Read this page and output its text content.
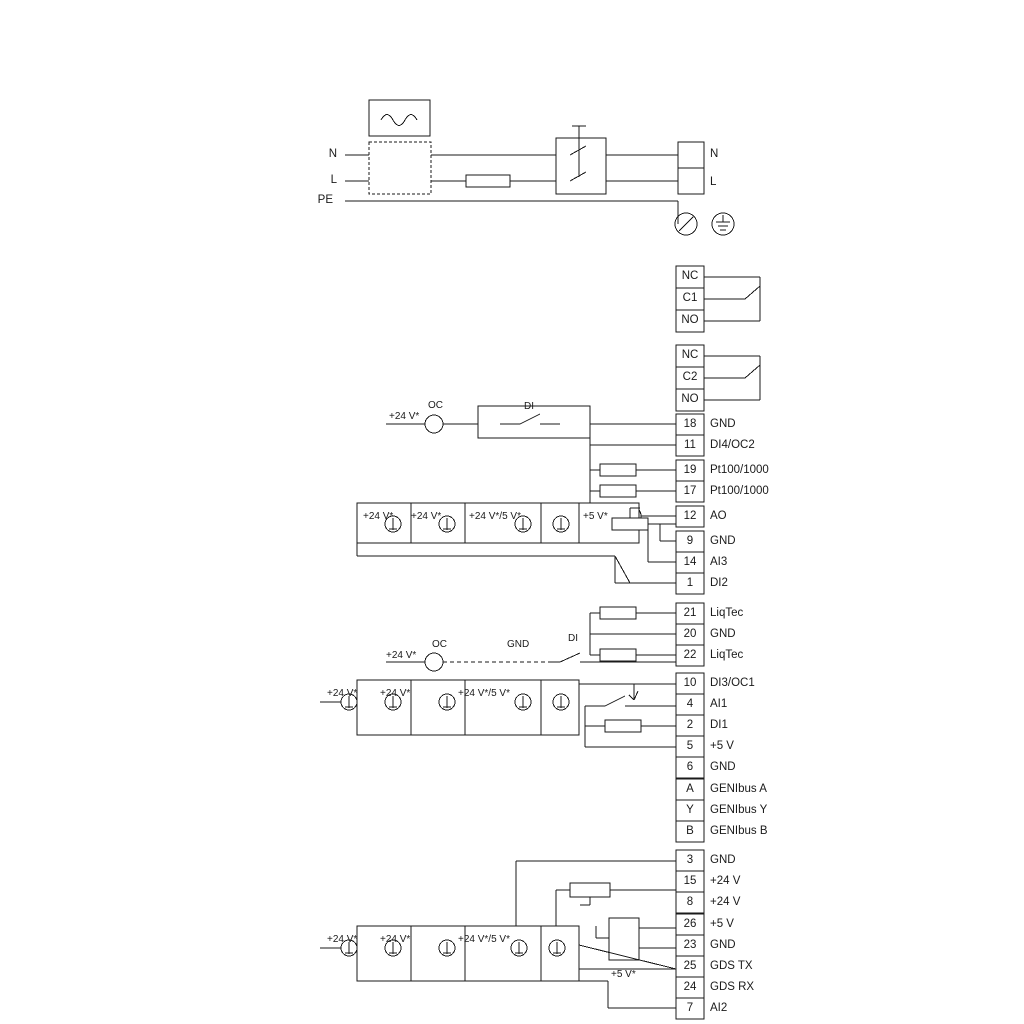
N
L
PE
N
L
NC
C1
NO
NC
C2
NO
18	GND
11	DI4/OC2
19	Pt100/1000
17	Pt100/1000
12	AO
9	GND
14	AI3
1	DI2
21	LiqTec
20	GND
22	LiqTec
10	DI3/OC1
4	AI1
2	DI1
5	+5 V
6	GND
A	GENIbus A
Y	GENIbus Y
B	GENIbus B
3	GND
15	+24 V
8	+24 V
26	+5 V
23	GND
25	GDS TX
24	GDS RX
7	AI2
OC	DI
+24 V*
+24 V* +24 V*	+24 V*/5 V*	+5 V*
OC	GND
DI
+24 V*
+24 V* +24 V*	+24 V*/5 V*
+24 V* +24 V*	+24 V*/5 V*
+5 V*
